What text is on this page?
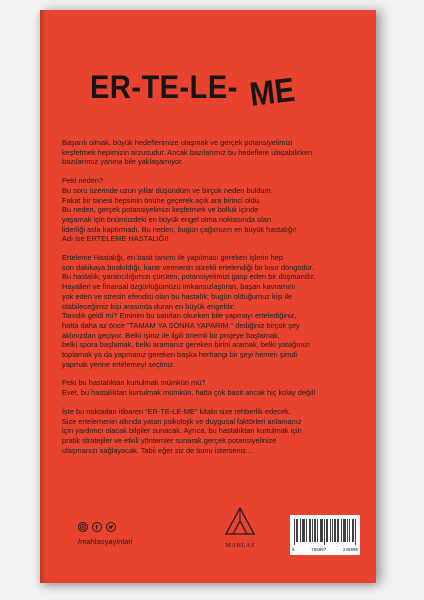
ER-TE-LE- ME
Başarılı olmak, büyük hedeflerimize ulaşmak ve gerçek potansiyelimizi
keşfetmek hepimizin arzusudur. Ancak bazılarımız bu hedeflere ulaşabilirken
bazılarımız yanına bile yaklaşamıyor.
Peki neden?
Bu soru üzerinde uzun yıllar düşündüm ve birçok neden buldum.
Fakat bir tanesi hepsinin önüne geçerek açık ara birinci oldu.
Bu neden, gerçek potansiyelimizi keşfetmek ve bolluk içinde
yaşamak için önümüzdeki en büyük engel olma noktasında olan
liderliği asla kaptırmadı. Bu neden, bugün çağımızın en büyük hastalığı!
Adı ise ERTELEME HASTALIĞI!
Erteleme Hastalığı, en basit tanımı ile yapılması gereken işlerin hep
son dakikaya bırakıldığı, karar vermenin sürekli ertelendiği bir kısır döngüdür.
Bu hastalık; yaratıcılığımızı çürüten, potansiyelimizi gasp eden bir düşmandır.
Hayalleri ve finansal özgürlüğümüzü imkansızlaştıran, başarı kavramını
yok eden ve stresin efendisi olan bu hastalık; bugün olduğumuz kişi ile
olabileceğimiz kişi arasında duran en büyük engeldir.
Tanıdık geldi mi? Eminim bu satırları okurken bile yapmayı ertelediğiniz,
hatta daha az önce "TAMAM YA SONRA YAPARIM." dediğiniz birçok şey
aklınızdan geçiyor. Belki işiniz ile ilgili önemli bir projeye başlamak,
belki spora başlamak, belki aramanız gereken birini aramak, belki yatağınızı
toplamak ya da yapmanız gereken başka herhangi bir şeyi hemen şimdi
yapmak yerine ertelemeyi seçtiniz.
Peki bu hastalıktan kurtulmak mümkün mü?
Evet, bu hastalıktan kurtulmak mümkün, hatta çok basit ancak hiç kolay değil!
İşte bu noktadan itibaren "ER-TE-LE-ME" kitabı size rehberlik edecek.
Size ertelemenin altında yatan psikolojik ve duygusal faktörleri anlamanız
için yardımcı olacak bilgiler sunacak. Ayrıca, bu hastalıktan kurtulmak için
pratik stratejiler ve etkili yöntemler sunarak gerçek potansiyelinize
ulaşmanızı sağlayacak. Tabii eğer siz de bunu isterseniz...
/mahlasyayinlari	MAHLAS
9	786057	245090
